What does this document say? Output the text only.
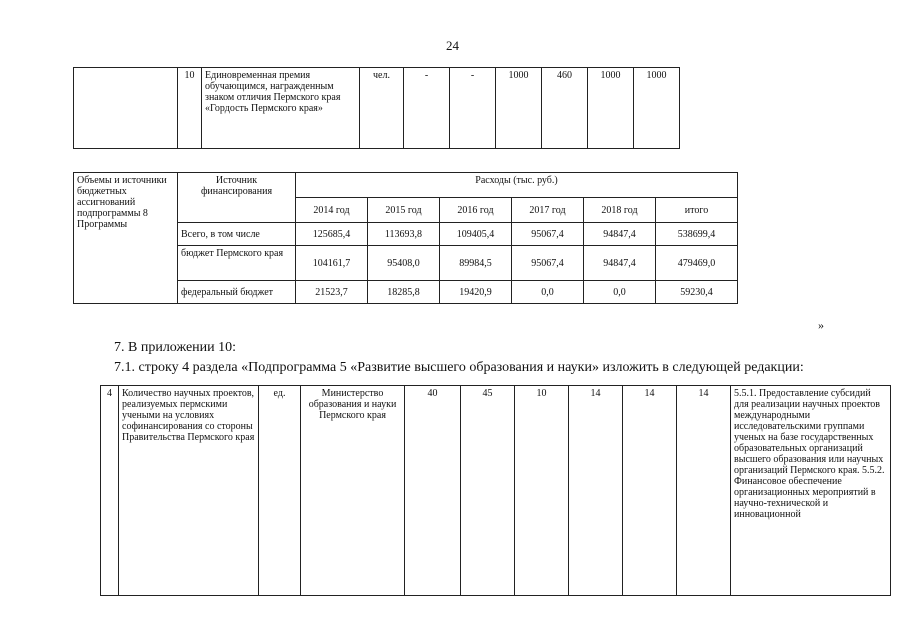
24
	10	Единовременная премия обучающимся, награжденным знаком отличия Пермского края «Гордость Пермского края»	чел.	-	-	1000	460	1000	1000
Объемы и источники бюджетных ассигнований подпрограммы 8 Программы	Источник финансирования	Расходы (тыс. руб.)					
		2014 год	2015 год	2016 год	2017 год	2018 год	итого
	Всего, в том числе	125685,4	113693,8	109405,4	95067,4	94847,4	538699,4
	бюджет Пермского края	104161,7	95408,0	89984,5	95067,4	94847,4	479469,0
	федеральный бюджет	21523,7	18285,8	19420,9	0,0	0,0	59230,4
»
7. В приложении 10:
7.1. строку 4 раздела «Подпрограмма 5 «Развитие высшего образования и науки» изложить в следующей редакции:
4	Количество научных проектов, реализуемых пермскими учеными на условиях софинансирования со стороны Правительства Пермского края	ед.	Министерство образования и науки Пермского края	40	45	10	14	14	14	5.5.1. Предоставление субсидий для реализации научных проектов международными исследовательскими группами ученых на базе государственных образовательных организаций высшего образования или научных организаций Пермского края. 5.5.2. Финансовое обеспечение организационных мероприятий в научно-технической и инновационной
